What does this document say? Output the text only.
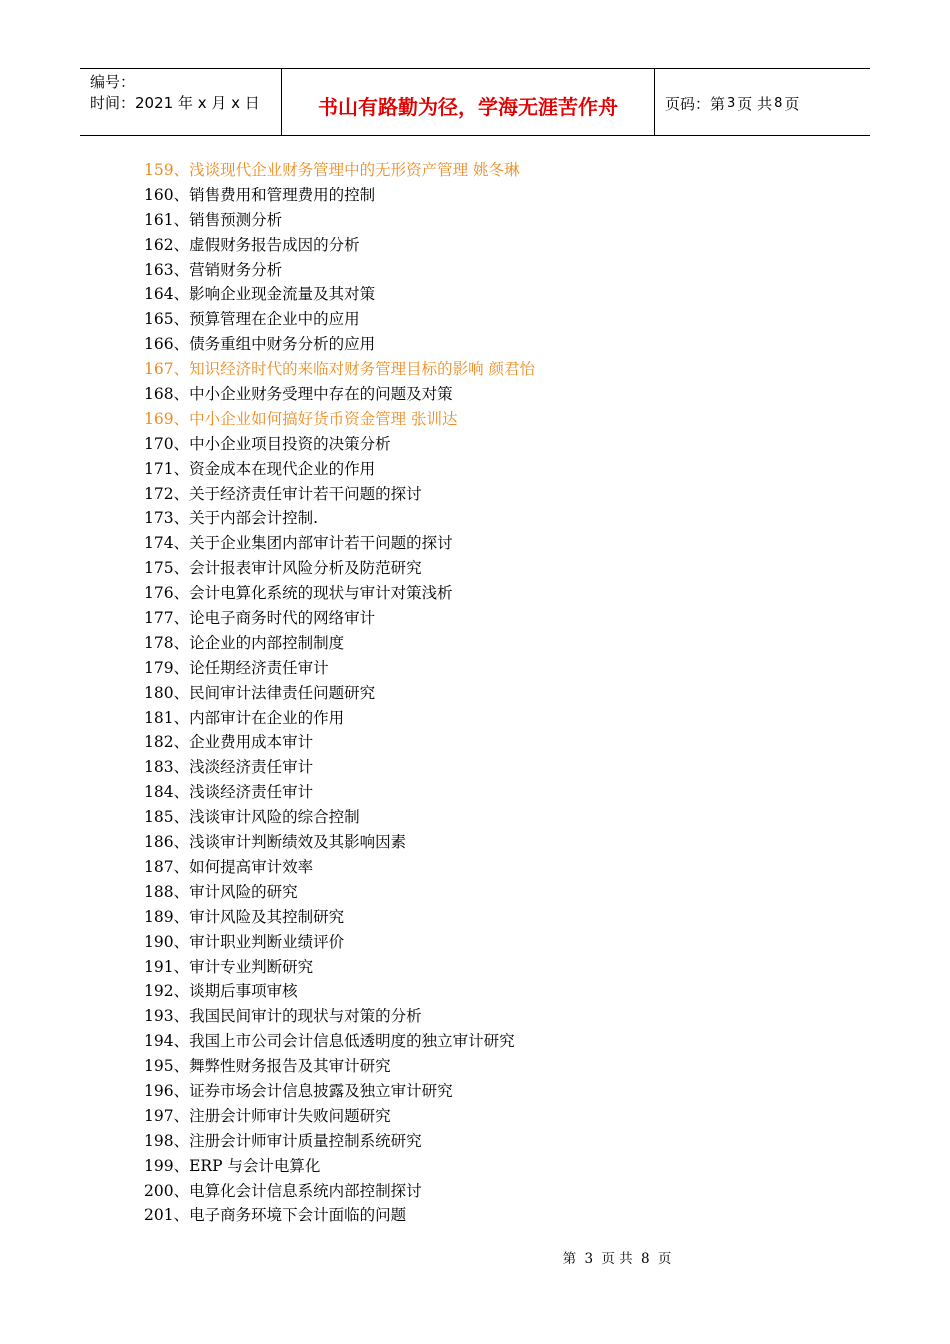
编号：
时间：2021 年 x 月 x 日	书山有路勤为径，学海无涯苦作舟	页码：第 3 页 共 8 页
159、浅谈现代企业财务管理中的无形资产管理 姚冬琳
160、销售费用和管理费用的控制
161、销售预测分析
162、虚假财务报告成因的分析
163、营销财务分析
164、影响企业现金流量及其对策
165、预算管理在企业中的应用
166、债务重组中财务分析的应用
167、知识经济时代的来临对财务管理目标的影响 颜君怡
168、中小企业财务受理中存在的问题及对策
169、中小企业如何搞好货币资金管理 张训达
170、中小企业项目投资的决策分析
171、资金成本在现代企业的作用
172、关于经济责任审计若干问题的探讨
173、关于内部会计控制.
174、关于企业集团内部审计若干问题的探讨
175、会计报表审计风险分析及防范研究
176、会计电算化系统的现状与审计对策浅析
177、论电子商务时代的网络审计
178、论企业的内部控制制度
179、论任期经济责任审计
180、民间审计法律责任问题研究
181、内部审计在企业的作用
182、企业费用成本审计
183、浅淡经济责任审计
184、浅谈经济责任审计
185、浅谈审计风险的综合控制
186、浅谈审计判断绩效及其影响因素
187、如何提高审计效率
188、审计风险的研究
189、审计风险及其控制研究
190、审计职业判断业绩评价
191、审计专业判断研究
192、谈期后事项审核
193、我国民间审计的现状与对策的分析
194、我国上市公司会计信息低透明度的独立审计研究
195、舞弊性财务报告及其审计研究
196、证券市场会计信息披露及独立审计研究
197、注册会计师审计失败问题研究
198、注册会计师审计质量控制系统研究
199、ERP 与会计电算化
200、电算化会计信息系统内部控制探讨
201、电子商务环境下会计面临的问题
第 3 页 共 8 页
